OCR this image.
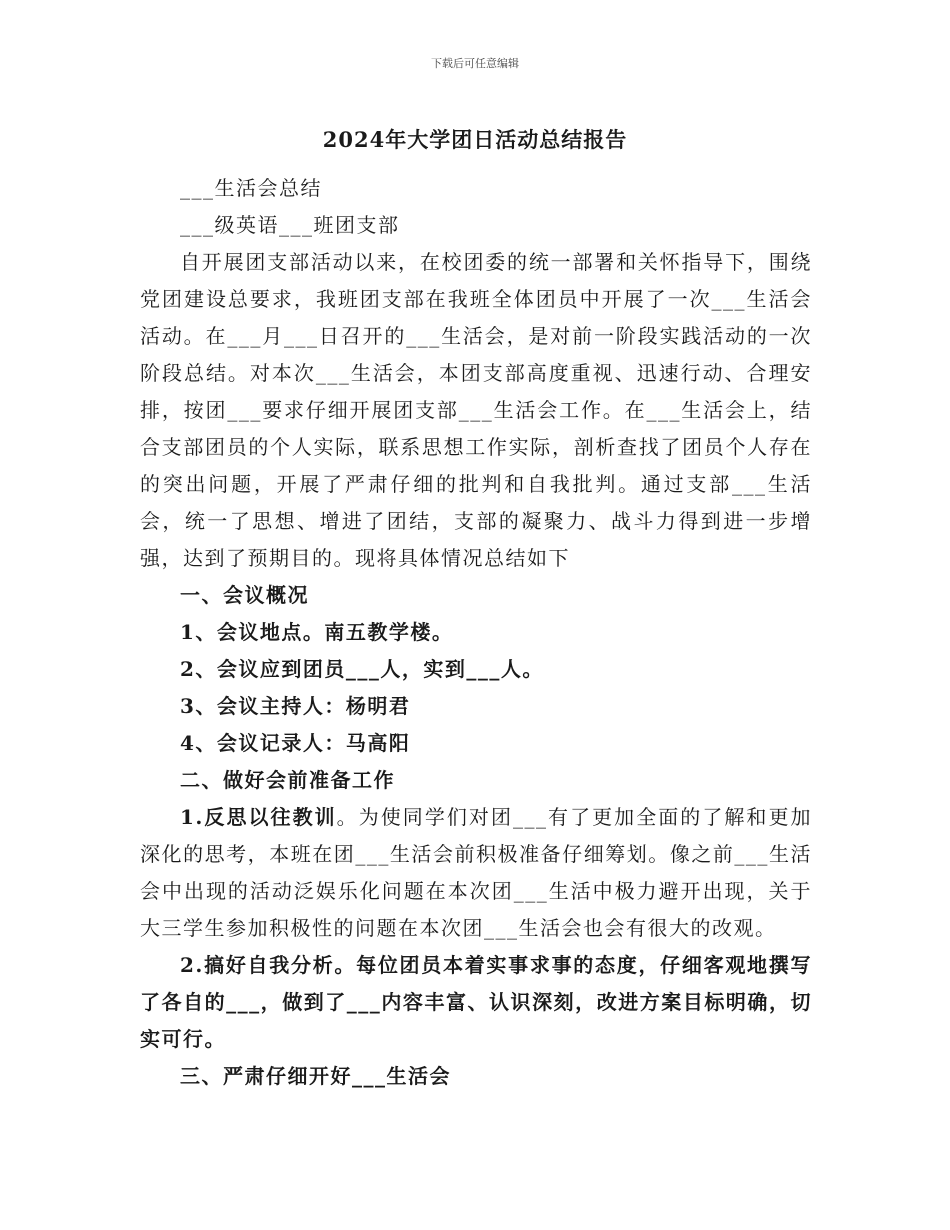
下载后可任意编辑
2024年大学团日活动总结报告

___生活会总结

___级英语___班团支部

自开展团支部活动以来，在校团委的统一部署和关怀指导下，围绕党团建设总要求，我班团支部在我班全体团员中开展了一次___生活会活动。在___月___日召开的___生活会，是对前一阶段实践活动的一次阶段总结。对本次___生活会，本团支部高度重视、迅速行动、合理安排，按团___要求仔细开展团支部___生活会工作。在___生活会上，结合支部团员的个人实际，联系思想工作实际，剖析查找了团员个人存在的突出问题，开展了严肃仔细的批判和自我批判。通过支部___生活会，统一了思想、增进了团结，支部的凝聚力、战斗力得到进一步增强，达到了预期目的。现将具体情况总结如下

一、会议概况

1、会议地点。南五教学楼。

2、会议应到团员___人，实到___人。

3、会议主持人：杨明君

4、会议记录人：马高阳

二、做好会前准备工作

1.反思以往教训。为使同学们对团___有了更加全面的了解和更加深化的思考，本班在团___生活会前积极准备仔细筹划。像之前___生活会中出现的活动泛娱乐化问题在本次团___生活中极力避开出现，关于大三学生参加积极性的问题在本次团___生活会也会有很大的改观。

2.搞好自我分析。每位团员本着实事求事的态度，仔细客观地撰写了各自的___，做到了___内容丰富、认识深刻，改进方案目标明确，切实可行。

三、严肃仔细开好___生活会
